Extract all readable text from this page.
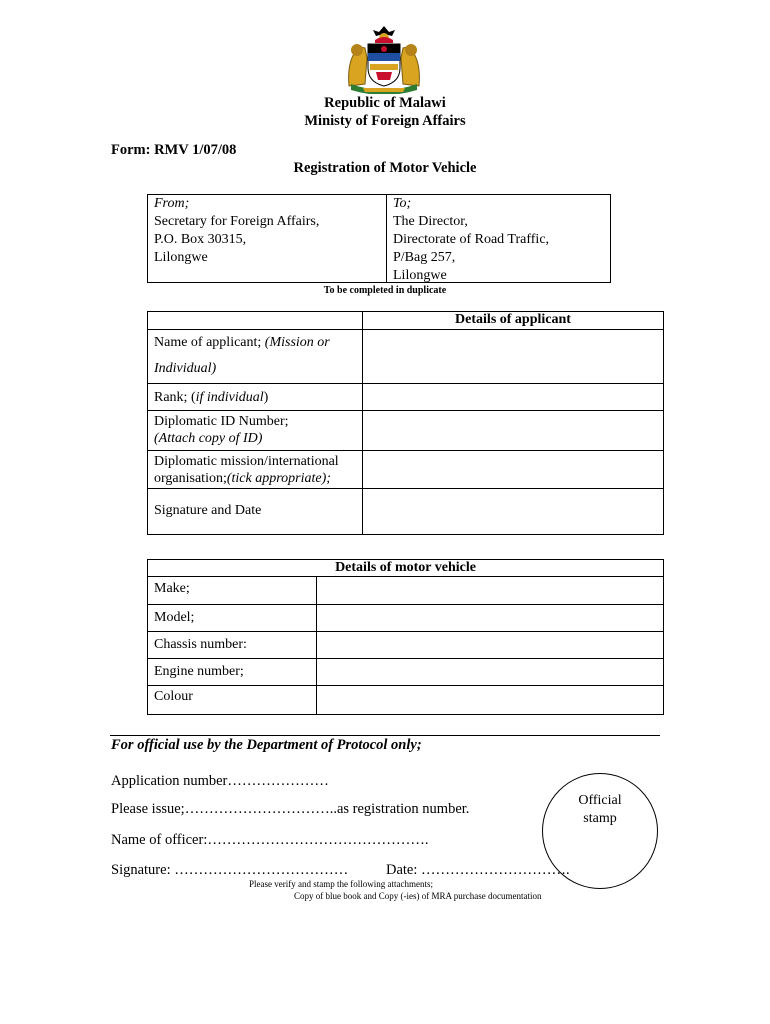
Republic of Malawi
Ministy of Foreign Affairs
Form: RMV 1/07/08
Registration of Motor Vehicle
From;
Secretary for Foreign Affairs,
P.O. Box 30315,
Lilongwe
To;
The Director,
Directorate of Road Traffic,
P/Bag 257,
Lilongwe
To be completed in duplicate
	Details of applicant
Name of applicant; (Mission or
Individual)	
Rank; (if individual)	

Diplomatic ID Number;
(Attach copy of ID)	

Diplomatic mission/international
organisation;(tick appropriate);	

Signature and Date	
Details of motor vehicle	
Make;	
Model;	
Chassis number:	
Engine number;	
Colour	
For official use by the Department of Protocol only;
Application number…………………
Please issue;…………………………..as registration number.
Name of officer:……………………………………….
Signature: ………………………………	Date: ………………………….
Official
stamp
Please verify and stamp the following attachments;
Copy of blue book and Copy (-ies) of MRA purchase documentation
